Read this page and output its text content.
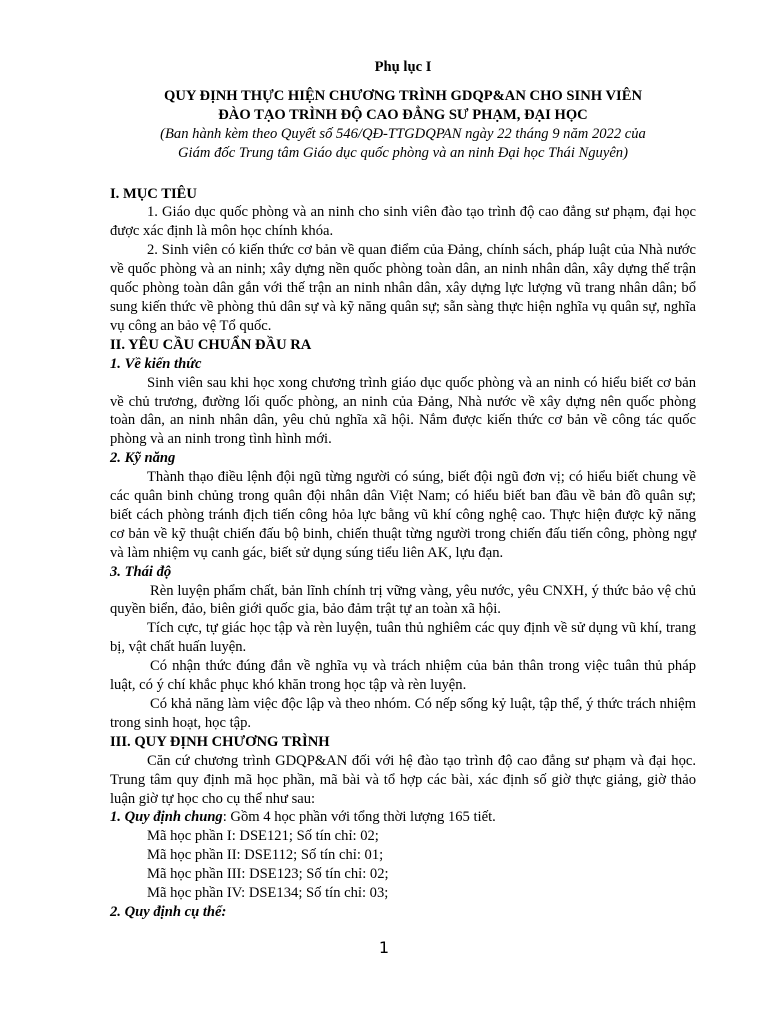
Phụ lục I

QUY ĐỊNH THỰC HIỆN CHƯƠNG TRÌNH GDQP&AN CHO SINH VIÊN

ĐÀO TẠO TRÌNH ĐỘ CAO ĐẲNG SƯ PHẠM, ĐẠI HỌC

(Ban hành kèm theo Quyết số 546/QĐ-TTGDQPAN ngày 22 tháng 9 năm 2022 của

Giám đốc Trung tâm Giáo dục quốc phòng và an ninh Đại học Thái Nguyên)

I. MỤC TIÊU

1. Giáo dục quốc phòng và an ninh cho sinh viên đào tạo trình độ cao đẳng sư phạm, đại học được xác định là môn học chính khóa.

2. Sinh viên có kiến thức cơ bản về quan điểm của Đảng, chính sách, pháp luật của Nhà nước về quốc phòng và an ninh; xây dựng nền quốc phòng toàn dân, an ninh nhân dân, xây dựng thế trận quốc phòng toàn dân gắn với thế trận an ninh nhân dân, xây dựng lực lượng vũ trang nhân dân; bổ sung kiến thức về phòng thủ dân sự và kỹ năng quân sự; sẵn sàng thực hiện nghĩa vụ quân sự, nghĩa vụ công an bảo vệ Tổ quốc.

II. YÊU CẦU CHUẨN ĐẦU RA

1. Về kiến thức

Sinh viên sau khi học xong chương trình giáo dục quốc phòng và an ninh có hiểu biết cơ bản về chủ trương, đường lối quốc phòng, an ninh của Đảng, Nhà nước về xây dựng nên quốc phòng toàn dân, an ninh nhân dân, yêu chủ nghĩa xã hội. Nắm được kiến thức cơ bản về công tác quốc phòng và an ninh trong tình hình mới.

2. Kỹ năng

Thành thạo điều lệnh đội ngũ từng người có súng, biết đội ngũ đơn vị; có hiểu biết chung về các quân binh chủng trong quân đội nhân dân Việt Nam; có hiểu biết ban đầu về bản đồ quân sự; biết cách phòng tránh địch tiến công hỏa lực bằng vũ khí công nghệ cao. Thực hiện được kỹ năng cơ bản về kỹ thuật chiến đấu bộ binh, chiến thuật từng người trong chiến đấu tiến công, phòng ngự và làm nhiệm vụ canh gác, biết sử dụng súng tiểu liên AK, lựu đạn.

3. Thái độ

Rèn luyện phẩm chất, bản lĩnh chính trị vững vàng, yêu nước, yêu CNXH, ý thức bảo vệ chủ quyền biển, đảo, biên giới quốc gia, bảo đảm trật tự an toàn xã hội.

Tích cực, tự giác học tập và rèn luyện, tuân thủ nghiêm các quy định về sử dụng vũ khí, trang bị, vật chất huấn luyện.

Có nhận thức đúng đắn về nghĩa vụ và trách nhiệm của bản thân trong việc tuân thủ pháp luật, có ý chí khắc phục khó khăn trong học tập và rèn luyện.

Có khả năng làm việc độc lập và theo nhóm. Có nếp sống kỷ luật, tập thể, ý thức trách nhiệm trong sinh hoạt, học tập.

III. QUY ĐỊNH CHƯƠNG TRÌNH

Căn cứ chương trình GDQP&AN đối với hệ đào tạo trình độ cao đẳng sư phạm và đại học. Trung tâm quy định mã học phần, mã bài và tổ hợp các bài, xác định số giờ thực giảng, giờ thảo luận giờ tự học cho cụ thể như sau:

1. Quy định chung: Gồm 4 học phần với tổng thời lượng 165 tiết.

Mã học phần I: DSE121; Số tín chỉ: 02;

Mã học phần II: DSE112; Số tín chỉ: 01;

Mã học phần III: DSE123; Số tín chỉ: 02;

Mã học phần IV: DSE134; Số tín chỉ: 03;

2. Quy định cụ thể:

1
